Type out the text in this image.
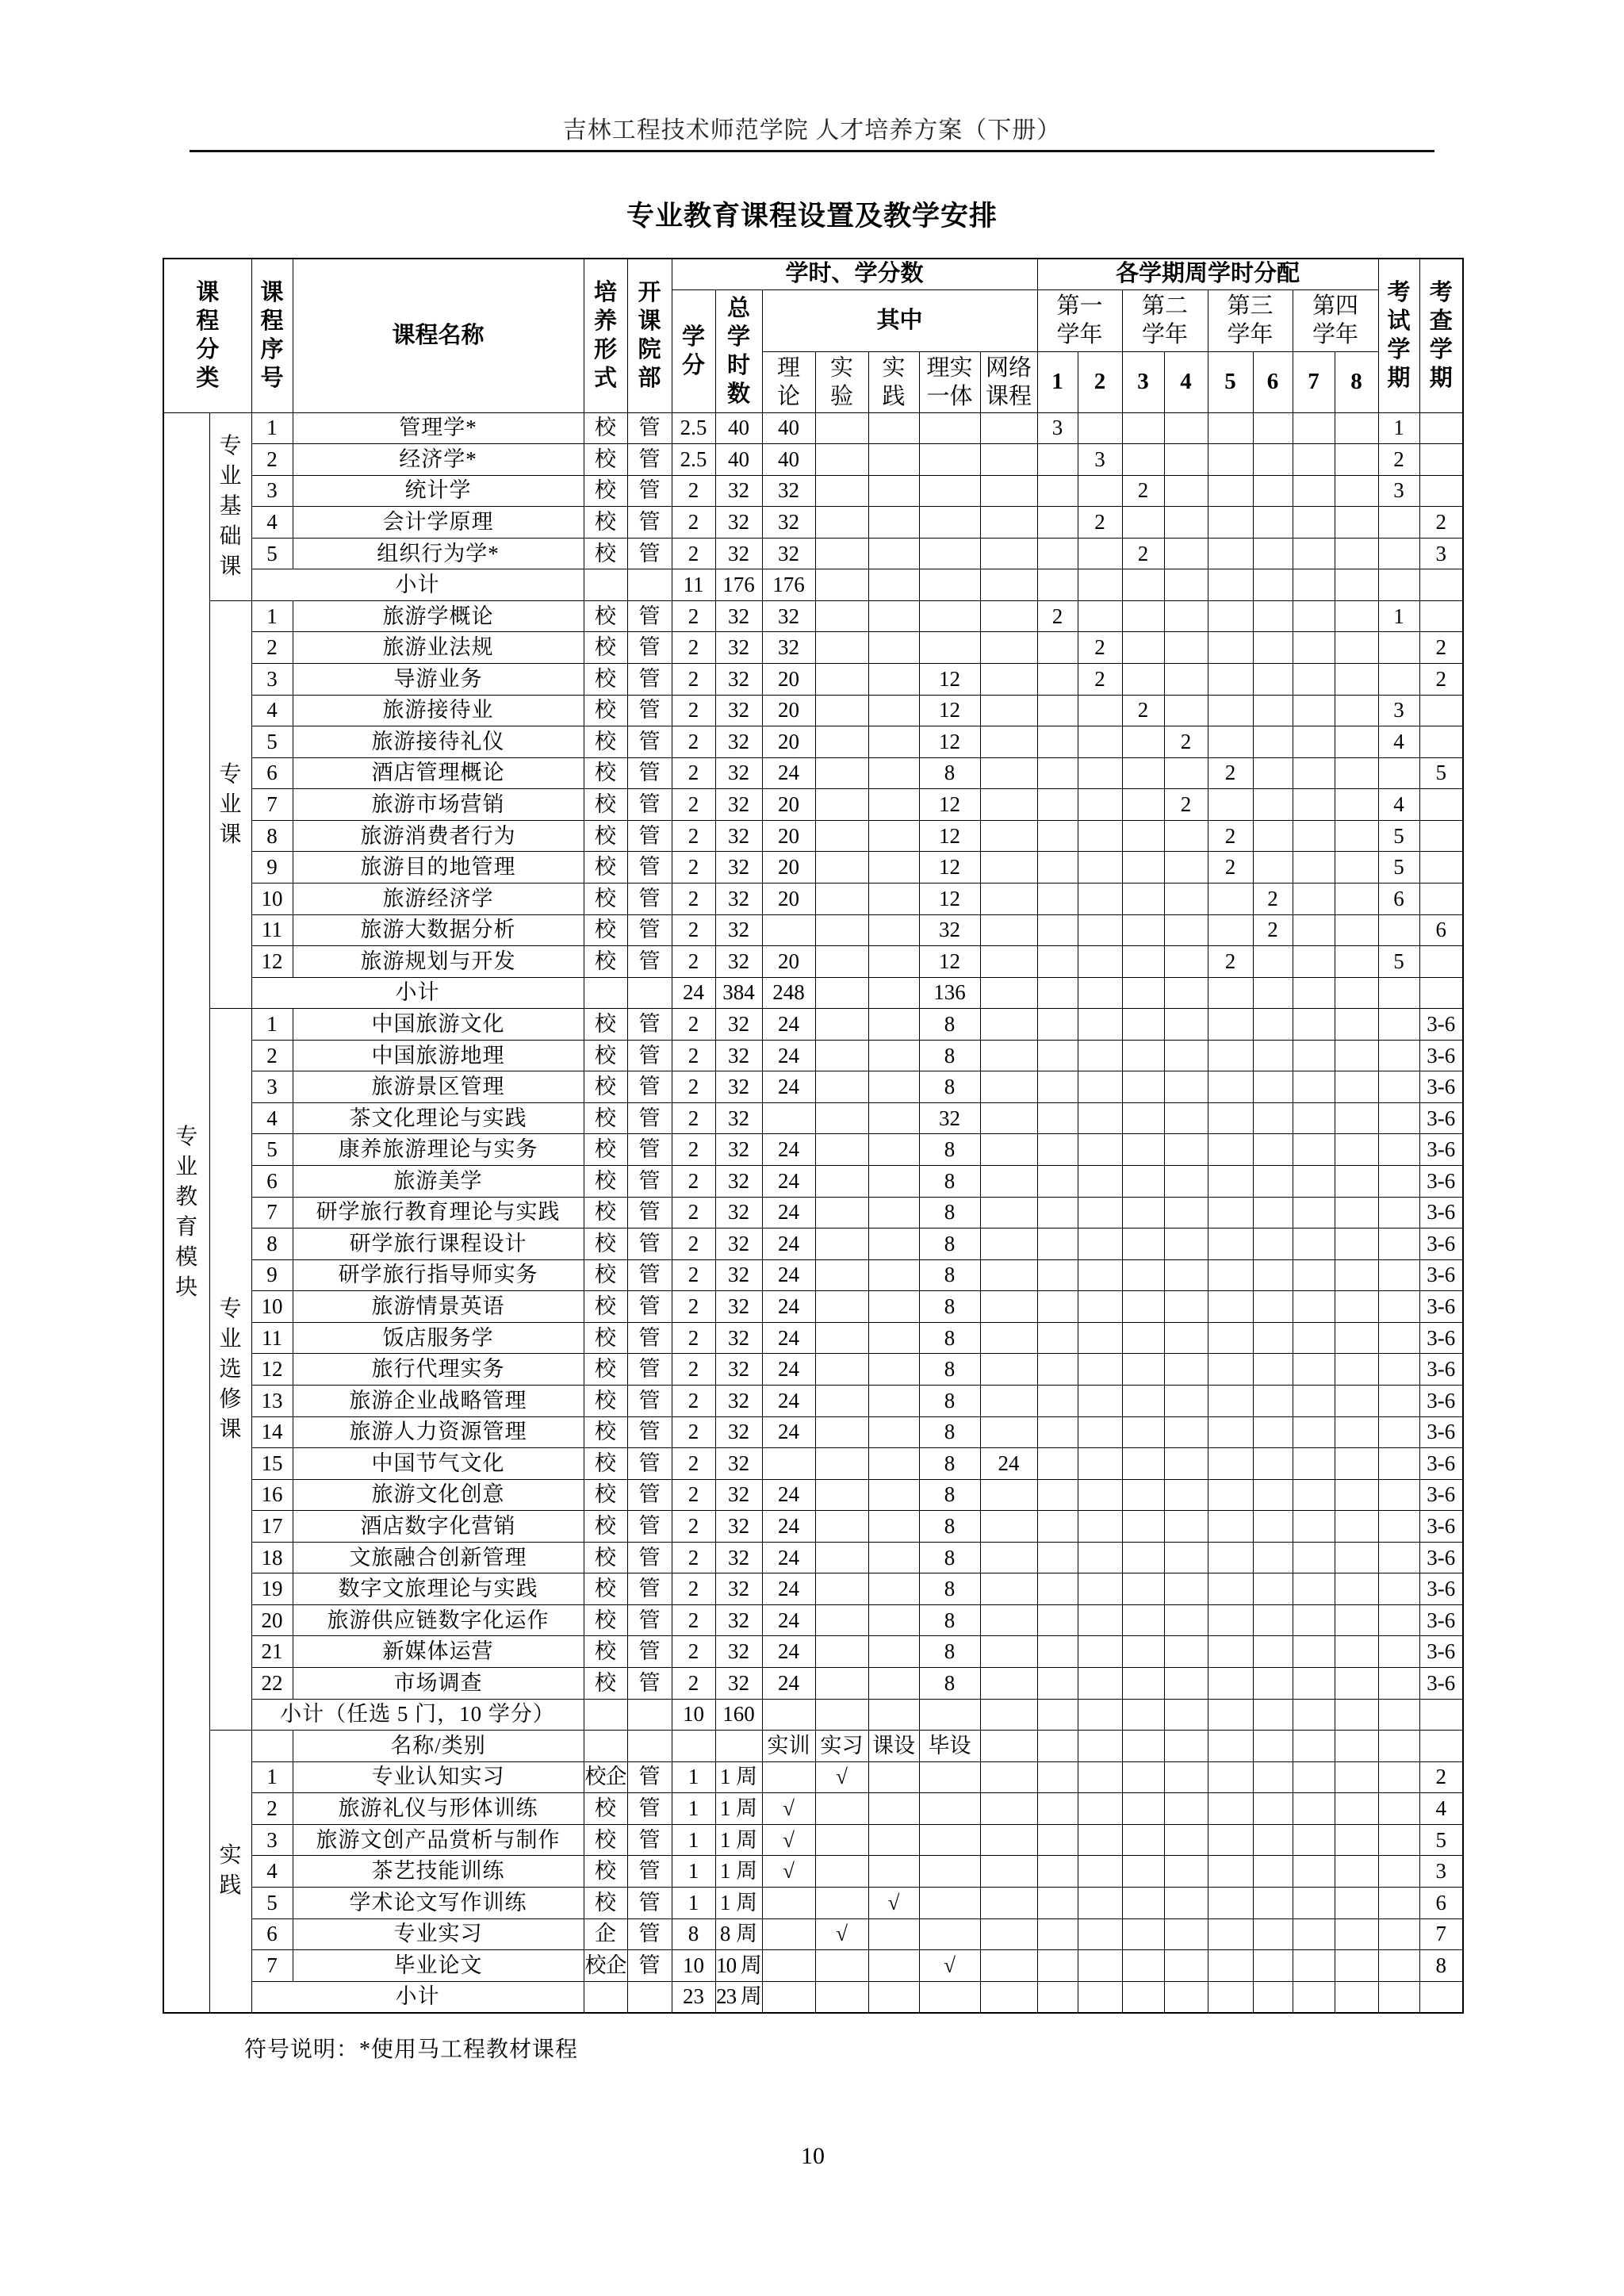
吉林工程技术师范学院 人才培养方案（下册）
专业教育课程设置及教学安排
课程分类		课程序号	课程名称	培养形式	开课院部	学时、学分数							各学期周学时分配								考试学期	考查学期
						学分	总学时数	其中					第一学年		第二学年		第三学年		第四学年			
								理论	实验	实践	理实一体	网络课程	1	2	3	4	5	6	7	8		
专业教育模块	专业基础课	1	管理学*	校	管	2.5	40	40					3								1	
		2	经济学*	校	管	2.5	40	40						3							2	
		3	统计学	校	管	2	32	32							2						3	
		4	会计学原理	校	管	2	32	32						2								2
		5	组织行为学*	校	管	2	32	32							2							3
		小计				11	176	176														
	专业课	1	旅游学概论	校	管	2	32	32					2								1	
		2	旅游业法规	校	管	2	32	32						2								2
		3	导游业务	校	管	2	32	20			12			2								2
		4	旅游接待业	校	管	2	32	20			12				2						3	
		5	旅游接待礼仪	校	管	2	32	20			12					2					4	
		6	酒店管理概论	校	管	2	32	24			8						2					5
		7	旅游市场营销	校	管	2	32	20			12					2					4	
		8	旅游消费者行为	校	管	2	32	20			12						2				5	
		9	旅游目的地管理	校	管	2	32	20			12						2				5	
		10	旅游经济学	校	管	2	32	20			12							2			6	
		11	旅游大数据分析	校	管	2	32				32							2				6
		12	旅游规划与开发	校	管	2	32	20			12						2				5	
		小计				24	384	248			136											
	专业选修课	1	中国旅游文化	校	管	2	32	24			8											3-6
		2	中国旅游地理	校	管	2	32	24			8											3-6
		3	旅游景区管理	校	管	2	32	24			8											3-6
		4	茶文化理论与实践	校	管	2	32				32											3-6
		5	康养旅游理论与实务	校	管	2	32	24			8											3-6
		6	旅游美学	校	管	2	32	24			8											3-6
		7	研学旅行教育理论与实践	校	管	2	32	24			8											3-6
		8	研学旅行课程设计	校	管	2	32	24			8											3-6
		9	研学旅行指导师实务	校	管	2	32	24			8											3-6
		10	旅游情景英语	校	管	2	32	24			8											3-6
		11	饭店服务学	校	管	2	32	24			8											3-6
		12	旅行代理实务	校	管	2	32	24			8											3-6
		13	旅游企业战略管理	校	管	2	32	24			8											3-6
		14	旅游人力资源管理	校	管	2	32	24			8											3-6
		15	中国节气文化	校	管	2	32				8	24										3-6
		16	旅游文化创意	校	管	2	32	24			8											3-6
		17	酒店数字化营销	校	管	2	32	24			8											3-6
		18	文旅融合创新管理	校	管	2	32	24			8											3-6
		19	数字文旅理论与实践	校	管	2	32	24			8											3-6
		20	旅游供应链数字化运作	校	管	2	32	24			8											3-6
		21	新媒体运营	校	管	2	32	24			8											3-6
		22	市场调查	校	管	2	32	24			8											3-6
		小计（任选 5 门，10 学分）				10	160															
	实践		名称/类别					实训	实习	课设	毕设											
		1	专业认知实习	校企	管	1	1 周		√													2
		2	旅游礼仪与形体训练	校	管	1	1 周	√														4
		3	旅游文创产品赏析与制作	校	管	1	1 周	√														5
		4	茶艺技能训练	校	管	1	1 周	√														3
		5	学术论文写作训练	校	管	1	1 周			√												6
		6	专业实习	企	管	8	8 周		√													7
		7	毕业论文	校企	管	10	10 周				√											8
		小计				23	23 周															
符号说明：*使用马工程教材课程
10
